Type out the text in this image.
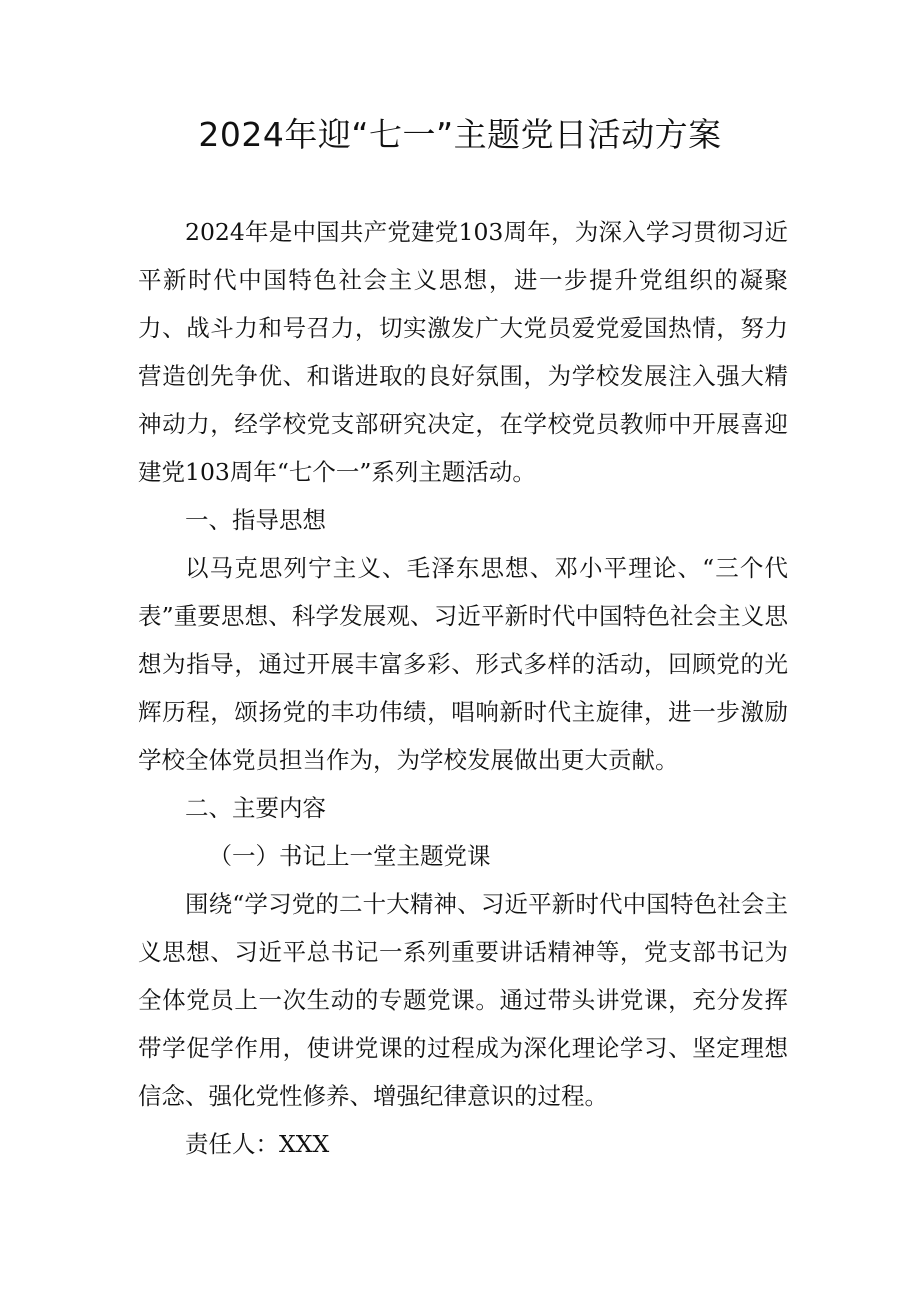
2024年迎“七一”主题党日活动方案

2024年是中国共产党建党103周年，为深入学习贯彻习近平新时代中国特色社会主义思想，进一步提升党组织的凝聚力、战斗力和号召力，切实激发广大党员爱党爱国热情，努力营造创先争优、和谐进取的良好氛围，为学校发展注入强大精神动力，经学校党支部研究决定，在学校党员教师中开展喜迎建党103周年“七个一”系列主题活动。

一、指导思想

以马克思列宁主义、毛泽东思想、邓小平理论、“三个代表”重要思想、科学发展观、习近平新时代中国特色社会主义思想为指导，通过开展丰富多彩、形式多样的活动，回顾党的光辉历程，颂扬党的丰功伟绩，唱响新时代主旋律，进一步激励学校全体党员担当作为，为学校发展做出更大贡献。

二、主要内容

（一）书记上一堂主题党课

围绕“学习党的二十大精神、习近平新时代中国特色社会主义思想、习近平总书记一系列重要讲话精神等，党支部书记为全体党员上一次生动的专题党课。通过带头讲党课，充分发挥带学促学作用，使讲党课的过程成为深化理论学习、坚定理想信念、强化党性修养、增强纪律意识的过程。

责任人：XXX
